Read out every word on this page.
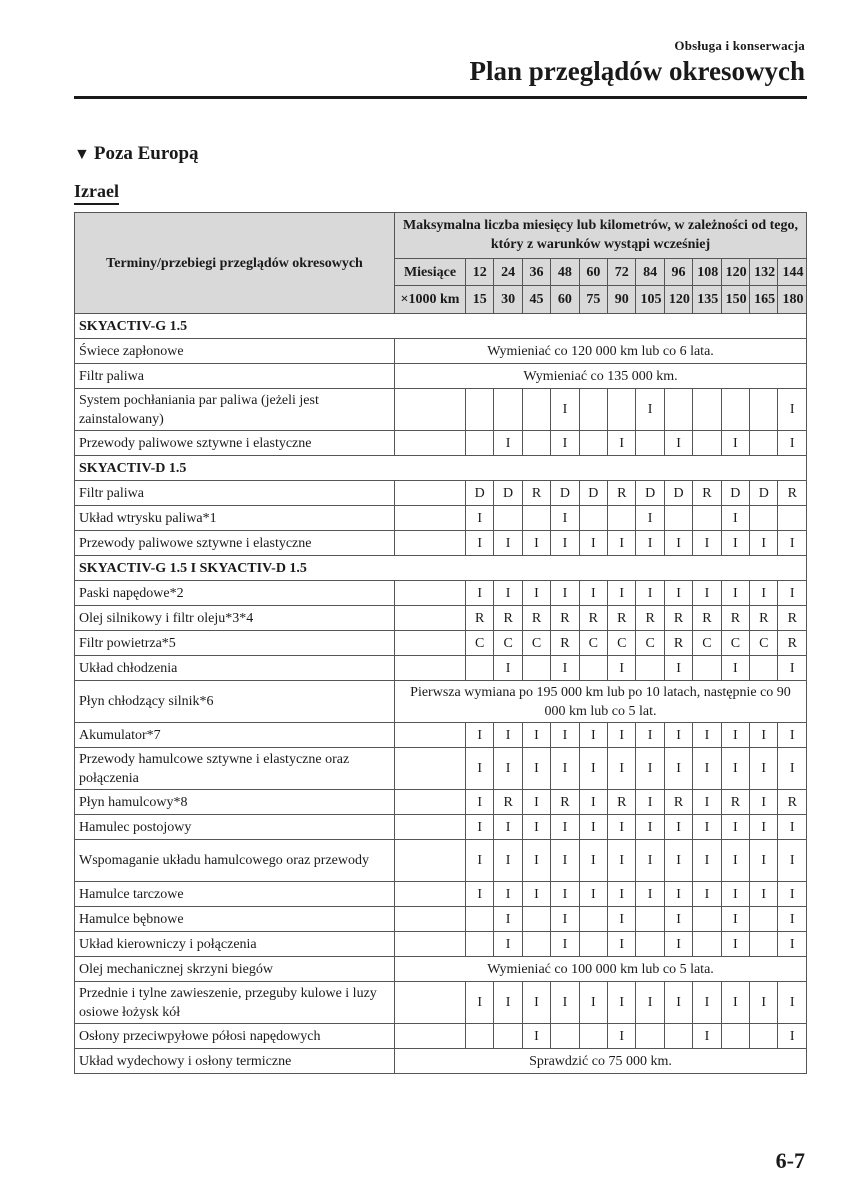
Obsługa i konserwacja
Plan przeglądów okresowych
▼ Poza Europą
Izrael
Terminy/przebiegi przeglądów okresowych	Maksymalna liczba miesięcy lub kilometrów, w zależności od tego, który z warunków wystąpi wcześniej												
	Miesiące	12	24	36	48	60	72	84	96	108	120	132	144
	×1000 km	15	30	45	60	75	90	105	120	135	150	165	180
SKYACTIV-G 1.5													
Świece zapłonowe	Wymieniać co 120 000 km lub co 6 lata.												
Filtr paliwa	Wymieniać co 135 000 km.												
System pochłaniania par paliwa (jeżeli jest zainstalowany)					I			I					I
Przewody paliwowe sztywne i elastyczne			I		I		I		I		I		I
SKYACTIV-D 1.5													
Filtr paliwa		D	D	R	D	D	R	D	D	R	D	D	R
Układ wtrysku paliwa*1		I			I			I			I		
Przewody paliwowe sztywne i elastyczne		I	I	I	I	I	I	I	I	I	I	I	I
SKYACTIV-G 1.5 I SKYACTIV-D 1.5													
Paski napędowe*2		I	I	I	I	I	I	I	I	I	I	I	I
Olej silnikowy i filtr oleju*3*4		R	R	R	R	R	R	R	R	R	R	R	R
Filtr powietrza*5		C	C	C	R	C	C	C	R	C	C	C	R
Układ chłodzenia			I		I		I		I		I		I
Płyn chłodzący silnik*6	Pierwsza wymiana po 195 000 km lub po 10 latach, następnie co 90 000 km lub co 5 lat.												
Akumulator*7		I	I	I	I	I	I	I	I	I	I	I	I
Przewody hamulcowe sztywne i elastyczne oraz połączenia		I	I	I	I	I	I	I	I	I	I	I	I
Płyn hamulcowy*8		I	R	I	R	I	R	I	R	I	R	I	R
Hamulec postojowy		I	I	I	I	I	I	I	I	I	I	I	I
Wspomaganie układu hamulcowego oraz przewody		I	I	I	I	I	I	I	I	I	I	I	I
Hamulce tarczowe		I	I	I	I	I	I	I	I	I	I	I	I
Hamulce bębnowe			I		I		I		I		I		I
Układ kierowniczy i połączenia			I		I		I		I		I		I
Olej mechanicznej skrzyni biegów	Wymieniać co 100 000 km lub co 5 lata.												
Przednie i tylne zawieszenie, przeguby kulowe i luzy osiowe łożysk kół		I	I	I	I	I	I	I	I	I	I	I	I
Osłony przeciwpyłowe półosi napędowych				I			I			I			I
Układ wydechowy i osłony termiczne	Sprawdzić co 75 000 km.												
6-7
